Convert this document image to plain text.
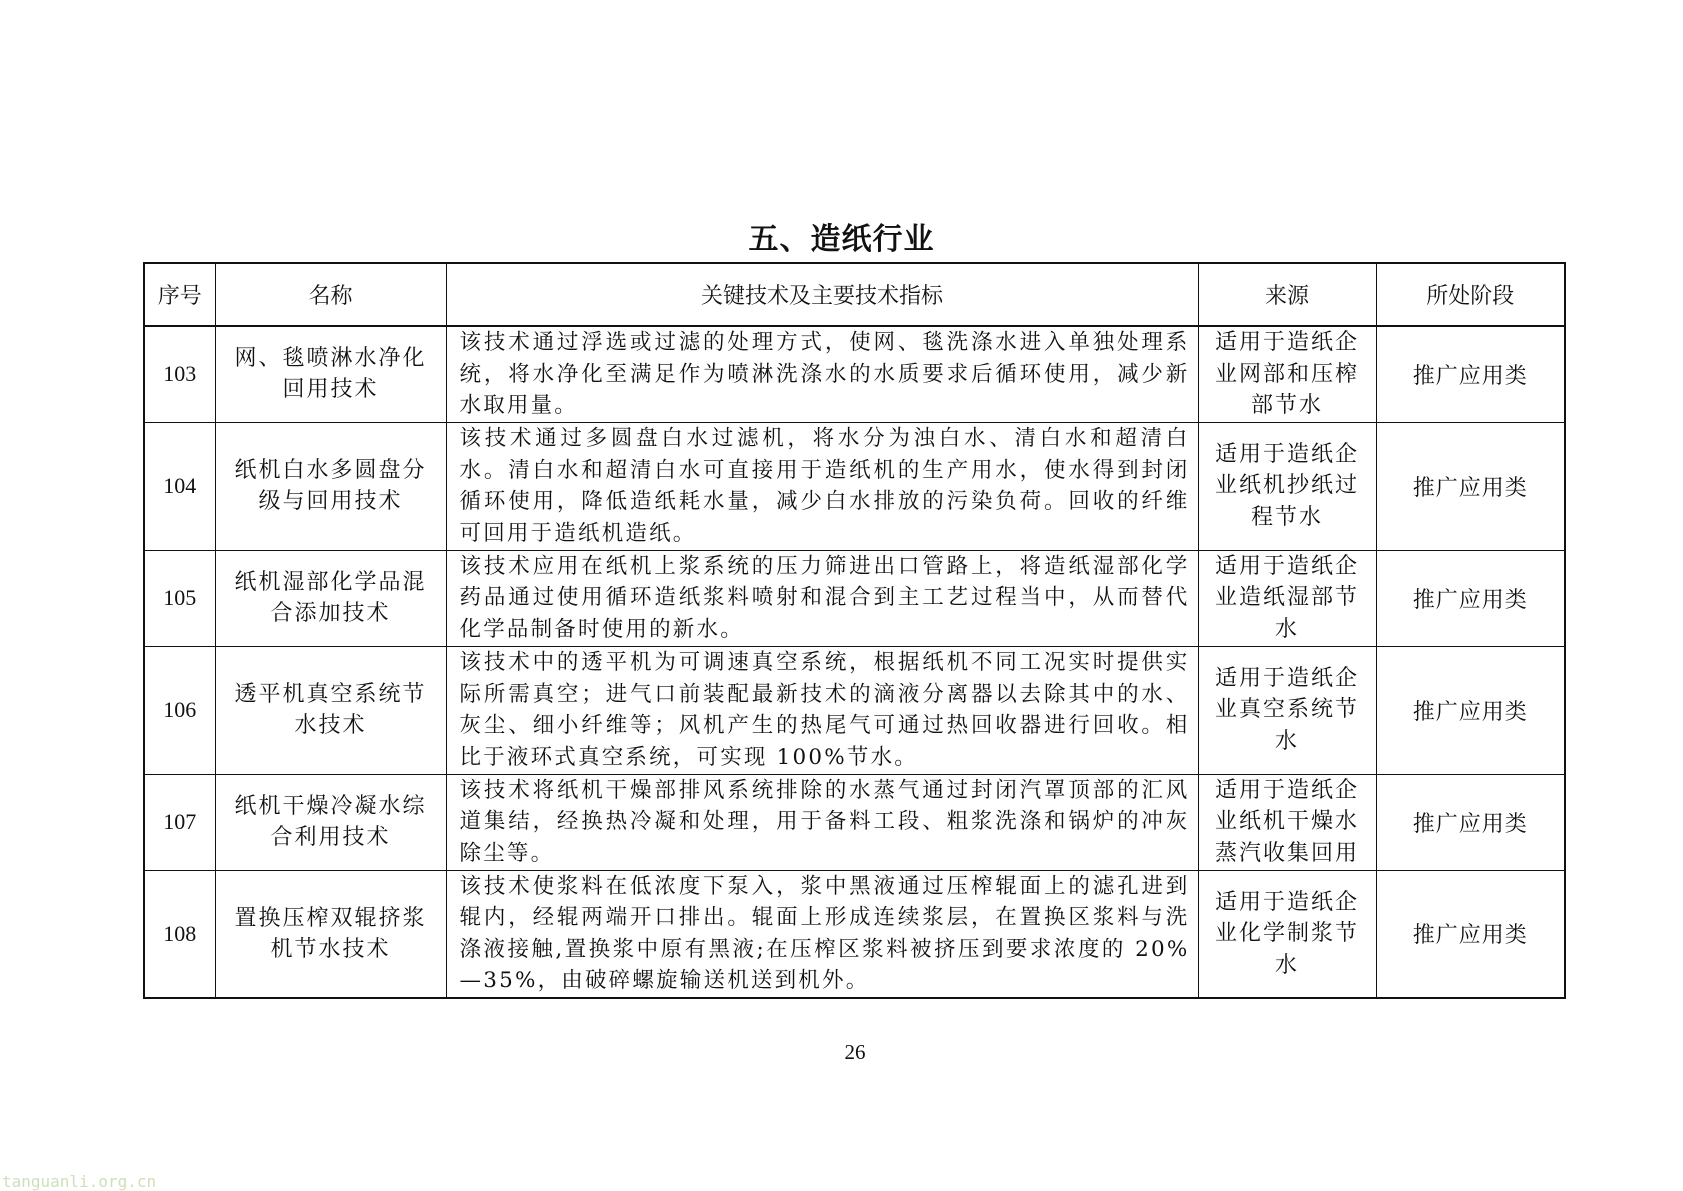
五、造纸行业
序号	名称	关键技术及主要技术指标	来源	所处阶段
103	网、毯喷淋水净化回用技术	该技术通过浮选或过滤的处理方式，使网、毯洗涤水进入单独处理系统，将水净化至满足作为喷淋洗涤水的水质要求后循环使用，减少新水取用量。	适用于造纸企业网部和压榨部节水	推广应用类
104	纸机白水多圆盘分级与回用技术	该技术通过多圆盘白水过滤机，将水分为浊白水、清白水和超清白水。清白水和超清白水可直接用于造纸机的生产用水，使水得到封闭循环使用，降低造纸耗水量，减少白水排放的污染负荷。回收的纤维可回用于造纸机造纸。	适用于造纸企业纸机抄纸过程节水	推广应用类
105	纸机湿部化学品混合添加技术	该技术应用在纸机上浆系统的压力筛进出口管路上，将造纸湿部化学药品通过使用循环造纸浆料喷射和混合到主工艺过程当中，从而替代化学品制备时使用的新水。	适用于造纸企业造纸湿部节水	推广应用类
106	透平机真空系统节水技术	该技术中的透平机为可调速真空系统，根据纸机不同工况实时提供实际所需真空；进气口前装配最新技术的滴液分离器以去除其中的水、灰尘、细小纤维等；风机产生的热尾气可通过热回收器进行回收。相比于液环式真空系统，可实现 100%节水。	适用于造纸企业真空系统节水	推广应用类
107	纸机干燥冷凝水综合利用技术	该技术将纸机干燥部排风系统排除的水蒸气通过封闭汽罩顶部的汇风道集结，经换热冷凝和处理，用于备料工段、粗浆洗涤和锅炉的冲灰除尘等。	适用于造纸企业纸机干燥水蒸汽收集回用	推广应用类
108	置换压榨双辊挤浆机节水技术	该技术使浆料在低浓度下泵入，浆中黑液通过压榨辊面上的滤孔进到辊内，经辊两端开口排出。辊面上形成连续浆层，在置换区浆料与洗涤液接触,置换浆中原有黑液;在压榨区浆料被挤压到要求浓度的 20%—35%，由破碎螺旋输送机送到机外。	适用于造纸企业化学制浆节水	推广应用类
26
tanguanli.org.cn
